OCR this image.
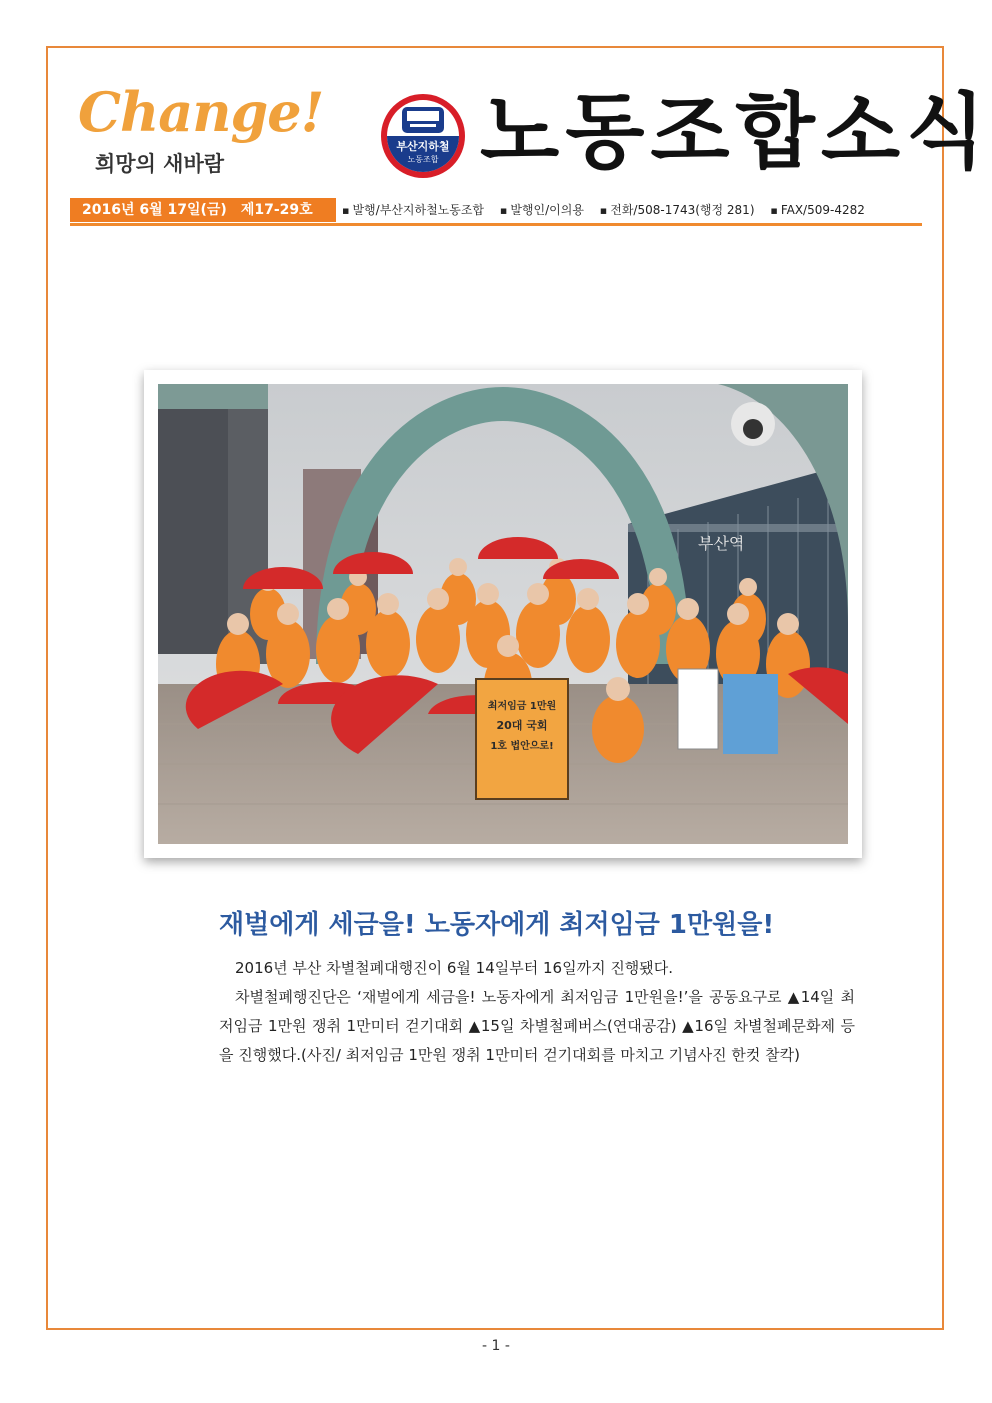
Change!
희망의 새바람
부산지하철
노동조합 노동조합소식
2016년 6월 17일(금) 제17-29호	▪ 발행/부산지하철노동조합 ▪ 발행인/이의용 ▪ 전화/508-1743(행정 281) ▪ FAX/509-4282
부산역
최저임금 1만원
20대 국회
1호 법안으로!
재벌에게 세금을! 노동자에게 최저임금 1만원을!

2016년 부산 차별철폐대행진이 6월 14일부터 16일까지 진행됐다.

차별철폐행진단은 ‘재벌에게 세금을! 노동자에게 최저임금 1만원을!’을 공동요구로 ▲14일 최저임금 1만원 쟁취 1만미터 걷기대회 ▲15일 차별철폐버스(연대공감) ▲16일 차별철폐문화제 등을 진행했다.(사진/ 최저임금 1만원 쟁취 1만미터 걷기대회를 마치고 기념사진 한컷 찰칵)

- 1 -
